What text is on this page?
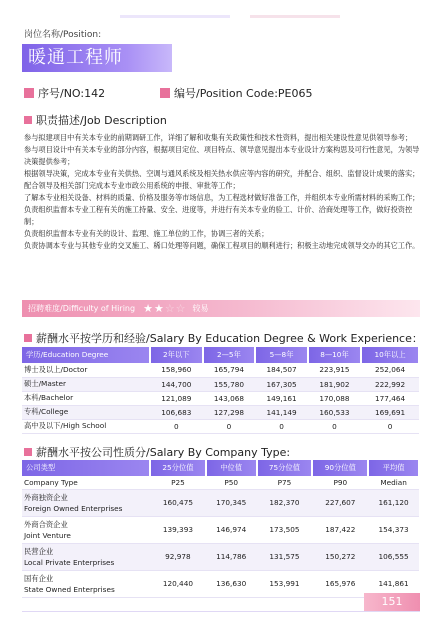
岗位名称/Position:
暖通工程师
序号/NO:142	编号/Position Code:PE065
职责描述/Job Description

参与拟建项目中有关本专业的前期调研工作，详细了解和收集有关政策性和技术性资料，提出相关建设性意见供领导参考；

参与项目设计中有关本专业的部分内容，根据项目定位、项目特点、领导意见提出本专业设计方案构思及可行性意见，为领导决策提供参考；

根据领导决策，完成本专业有关供热、空调与通风系统及相关热水供应等内容的研究，并配合、组织、监督设计成果的落实；

配合领导及相关部门完成本专业市政公用系统的申报、审批等工作；

了解本专业相关设备、材料的质量、价格及服务等市场信息，为工程选材做好准备工作，并组织本专业所需材料的采购工作；

负责组织监督本专业工程有关的施工持量、安全、进度等，并进行有关本专业的验工、计价、洽商处理等工作，做好投资控制；

负责组织监督本专业有关的设计、监理、施工单位的工作，协调三者的关系；

负责协调本专业与其他专业的交叉施工、稀口处理等问题，确保工程项目的顺利进行；积极主动地完成领导交办的其它工作。

招聘难度/Difficulty of Hiring ★★☆☆ 较易
薪酬水平按学历和经验/Salary By Education Degree & Work Experience：
学历/Education Degree	2年以下	2—5年	5—8年	8—10年	10年以上
博士及以上/Doctor	158,960	165,794	184,507	223,915	252,064
硕士/Master	144,700	155,780	167,305	181,902	222,992
本科/Bachelor	121,089	143,068	149,161	170,088	177,464
专科/College	106,683	127,298	141,149	160,533	169,691
高中及以下/High School	0	0	0	0	0
薪酬水平按公司性质分/Salary By Company Type:
公司类型	25分位值	中位值	75分位值	90分位值	平均值
Company Type	P25	P50	P75	P90	Median
外商独资企业
Foreign Owned Enterprises	160,475	170,345	182,370	227,607	161,120
外商合资企业
Joint Venture	139,393	146,974	173,505	187,422	154,373
民营企业
Local Private Enterprises	92,978	114,786	131,575	150,272	106,555
国有企业
State Owned Enterprises	120,440	136,630	153,991	165,976	141,861
151
